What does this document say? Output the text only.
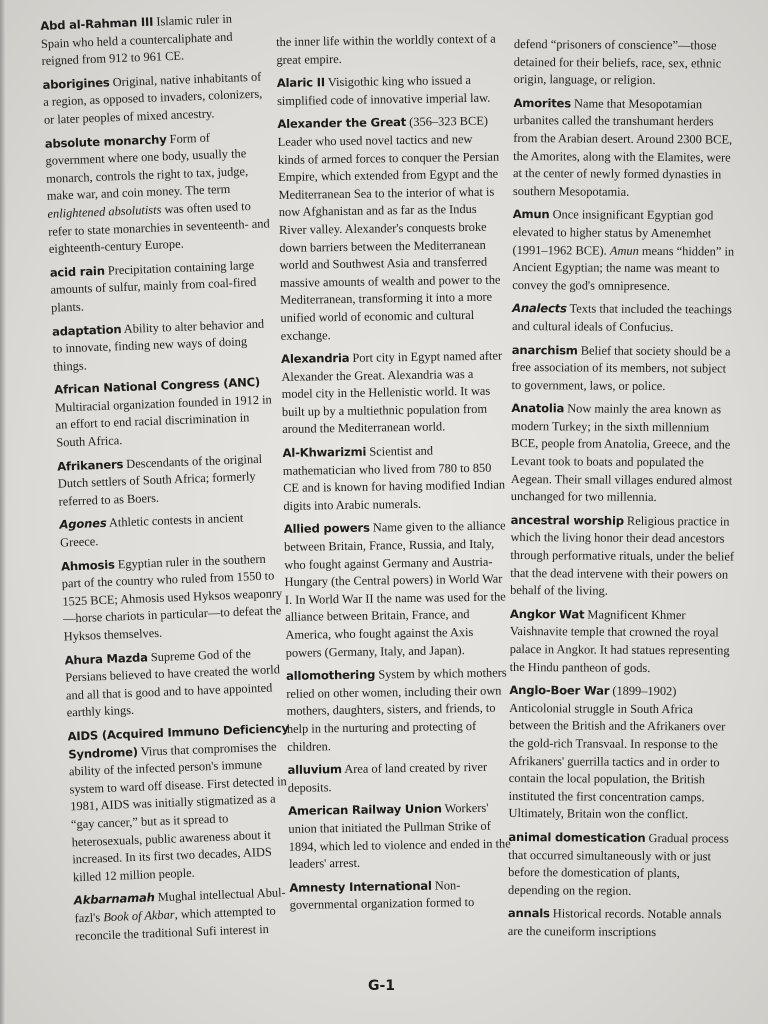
Abd al-Rahman III Islamic ruler in Spain who held a countercaliphate and reigned from 912 to 961 CE.

aborigines Original, native inhabitants of a region, as opposed to invaders, colonizers, or later peoples of mixed ancestry.

absolute monarchy Form of government where one body, usually the monarch, controls the right to tax, judge, make war, and coin money. The term enlightened absolutists was often used to refer to state monarchies in seventeenth- and eighteenth-century Europe.

acid rain Precipitation containing large amounts of sulfur, mainly from coal-fired plants.

adaptation Ability to alter behavior and to innovate, finding new ways of doing things.

African National Congress (ANC) Multiracial organization founded in 1912 in an effort to end racial discrimination in South Africa.

Afrikaners Descendants of the original Dutch settlers of South Africa; formerly referred to as Boers.

Agones Athletic contests in ancient Greece.

Ahmosis Egyptian ruler in the southern part of the country who ruled from 1550 to 1525 BCE; Ahmosis used Hyksos weaponry—horse chariots in particular—to defeat the Hyksos themselves.

Ahura Mazda Supreme God of the Persians believed to have created the world and all that is good and to have appointed earthly kings.

AIDS (Acquired Immuno Deficiency Syndrome) Virus that compromises the ability of the infected person's immune system to ward off disease. First detected in 1981, AIDS was initially stigmatized as a “gay cancer,” but as it spread to heterosexuals, public awareness about it increased. In its first two decades, AIDS killed 12 million people.

Akbarnamah Mughal intellectual Abul-fazl's Book of Akbar, which attempted to reconcile the traditional Sufi interest in

the inner life within the worldly context of a great empire.

Alaric II Visigothic king who issued a simplified code of innovative imperial law.

Alexander the Great (356–323 BCE) Leader who used novel tactics and new kinds of armed forces to conquer the Persian Empire, which extended from Egypt and the Mediterranean Sea to the interior of what is now Afghanistan and as far as the Indus River valley. Alexander's conquests broke down barriers between the Mediterranean world and Southwest Asia and transferred massive amounts of wealth and power to the Mediterranean, transforming it into a more unified world of economic and cultural exchange.

Alexandria Port city in Egypt named after Alexander the Great. Alexandria was a model city in the Hellenistic world. It was built up by a multiethnic population from around the Mediterranean world.

Al-Khwarizmi Scientist and mathematician who lived from 780 to 850 CE and is known for having modified Indian digits into Arabic numerals.

Allied powers Name given to the alliance between Britain, France, Russia, and Italy, who fought against Germany and Austria-Hungary (the Central powers) in World War I. In World War II the name was used for the alliance between Britain, France, and America, who fought against the Axis powers (Germany, Italy, and Japan).

allomothering System by which mothers relied on other women, including their own mothers, daughters, sisters, and friends, to help in the nurturing and protecting of children.

alluvium Area of land created by river deposits.

American Railway Union Workers' union that initiated the Pullman Strike of 1894, which led to violence and ended in the leaders' arrest.

Amnesty International Non-governmental organization formed to

defend “prisoners of conscience”—those detained for their beliefs, race, sex, ethnic origin, language, or religion.

Amorites Name that Mesopotamian urbanites called the transhumant herders from the Arabian desert. Around 2300 BCE, the Amorites, along with the Elamites, were at the center of newly formed dynasties in southern Mesopotamia.

Amun Once insignificant Egyptian god elevated to higher status by Amenemhet (1991–1962 BCE). Amun means “hidden” in Ancient Egyptian; the name was meant to convey the god's omnipresence.

Analects Texts that included the teachings and cultural ideals of Confucius.

anarchism Belief that society should be a free association of its members, not subject to government, laws, or police.

Anatolia Now mainly the area known as modern Turkey; in the sixth millennium BCE, people from Anatolia, Greece, and the Levant took to boats and populated the Aegean. Their small villages endured almost unchanged for two millennia.

ancestral worship Religious practice in which the living honor their dead ancestors through performative rituals, under the belief that the dead intervene with their powers on behalf of the living.

Angkor Wat Magnificent Khmer Vaishnavite temple that crowned the royal palace in Angkor. It had statues representing the Hindu pantheon of gods.

Anglo-Boer War (1899–1902) Anticolonial struggle in South Africa between the British and the Afrikaners over the gold-rich Transvaal. In response to the Afrikaners' guerrilla tactics and in order to contain the local population, the British instituted the first concentration camps. Ultimately, Britain won the conflict.

animal domestication Gradual process that occurred simultaneously with or just before the domestication of plants, depending on the region.

annals Historical records. Notable annals are the cuneiform inscriptions

G-1
